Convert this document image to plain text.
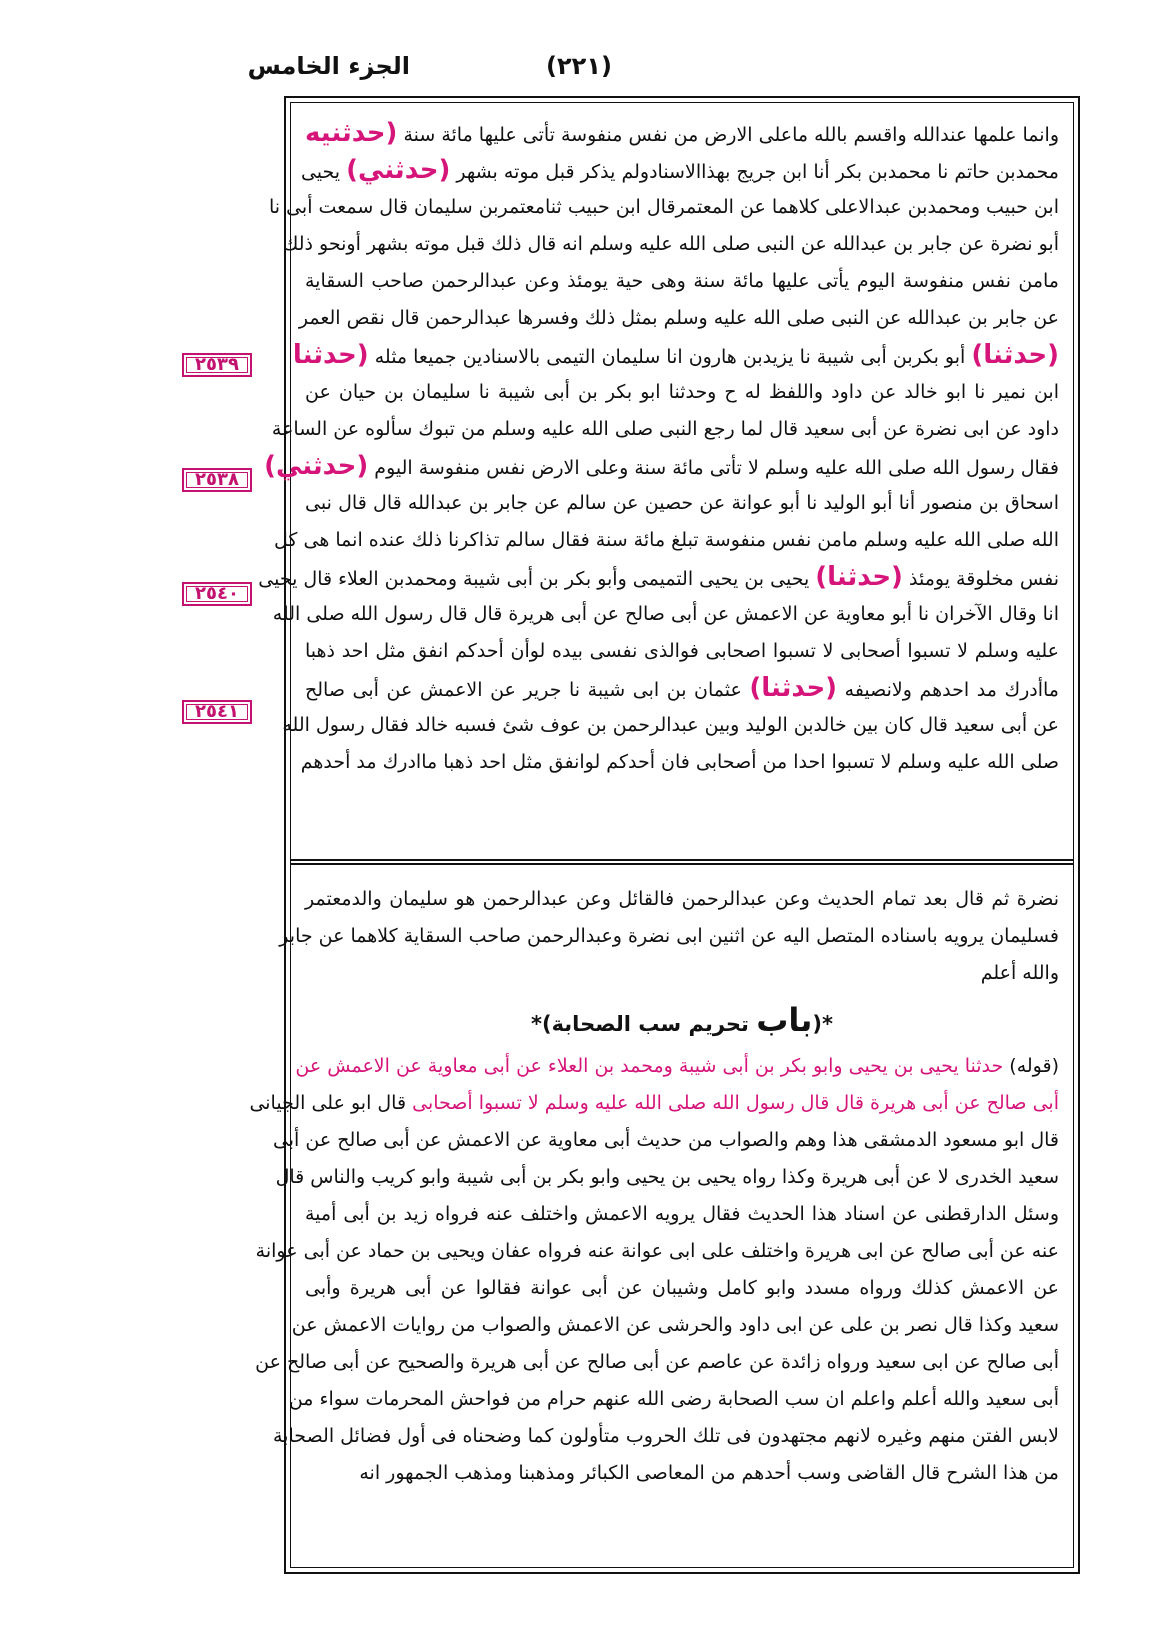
(٢٢١)
الجزء الخامس
٢٥٣٩
٢٥٣٨
٢٥٤٠
٢٥٤١
وانما علمها عندالله واقسم بالله ماعلى الارض من نفس منفوسة تأتى عليها مائة سنة (حدثنيه
محمدبن حاتم نا محمدبن بكر أنا ابن جريج بهذاالاسنادولم يذكر قبل موته بشهر (حدثني) يحيى
ابن حبيب ومحمدبن عبدالاعلى كلاهما عن المعتمرقال ابن حبيب ثنامعتمربن سليمان قال سمعت أبى نا
أبو نضرة عن جابر بن عبدالله عن النبى صلى الله عليه وسلم انه قال ذلك قبل موته بشهر أونحو ذلك
مامن نفس منفوسة اليوم يأتى عليها مائة سنة وهى حية يومئذ وعن عبدالرحمن صاحب السقاية
عن جابر بن عبدالله عن النبى صلى الله عليه وسلم بمثل ذلك وفسرها عبدالرحمن قال نقص العمر
(حدثنا) أبو بكربن أبى شيبة نا يزيدبن هارون انا سليمان التيمى بالاسنادين جميعا مثله (حدثنا
ابن نمير نا ابو خالد عن داود واللفظ له ح وحدثنا ابو بكر بن أبى شيبة نا سليمان بن حيان عن
داود عن ابى نضرة عن أبى سعيد قال لما رجع النبى صلى الله عليه وسلم من تبوك سألوه عن الساعة
فقال رسول الله صلى الله عليه وسلم لا تأتى مائة سنة وعلى الارض نفس منفوسة اليوم (حدثني)
اسحاق بن منصور أنا أبو الوليد نا أبو عوانة عن حصين عن سالم عن جابر بن عبدالله قال قال نبى
الله صلى الله عليه وسلم مامن نفس منفوسة تبلغ مائة سنة فقال سالم تذاكرنا ذلك عنده انما هى كل
نفس مخلوقة يومئذ (حدثنا) يحيى بن يحيى التميمى وأبو بكر بن أبى شيبة ومحمدبن العلاء قال يحيى
انا وقال الآخران نا أبو معاوية عن الاعمش عن أبى صالح عن أبى هريرة قال قال رسول الله صلى الله
عليه وسلم لا تسبوا أصحابى لا تسبوا اصحابى فوالذى نفسى بيده لوأن أحدكم انفق مثل احد ذهبا
ماأدرك مد احدهم ولانصيفه (حدثنا) عثمان بن ابى شيبة نا جرير عن الاعمش عن أبى صالح
عن أبى سعيد قال كان بين خالدبن الوليد وبين عبدالرحمن بن عوف شئ فسبه خالد فقال رسول الله
صلى الله عليه وسلم لا تسبوا احدا من أصحابى فان أحدكم لوانفق مثل احد ذهبا ماادرك مد أحدهم
نضرة ثم قال بعد تمام الحديث وعن عبدالرحمن فالقائل وعن عبدالرحمن هو سليمان والدمعتمر
فسليمان يرويه باسناده المتصل اليه عن اثنين ابى نضرة وعبدالرحمن صاحب السقاية كلاهما عن جابر
والله أعلم
*(باب تحريم سب الصحابة)*
(قوله) حدثنا يحيى بن يحيى وابو بكر بن أبى شيبة ومحمد بن العلاء عن أبى معاوية عن الاعمش عن
أبى صالح عن أبى هريرة قال قال رسول الله صلى الله عليه وسلم لا تسبوا أصحابى قال ابو على الجيانى
قال ابو مسعود الدمشقى هذا وهم والصواب من حديث أبى معاوية عن الاعمش عن أبى صالح عن أبى
سعيد الخدرى لا عن أبى هريرة وكذا رواه يحيى بن يحيى وابو بكر بن أبى شيبة وابو كريب والناس قال
وسئل الدارقطنى عن اسناد هذا الحديث فقال يرويه الاعمش واختلف عنه فرواه زيد بن أبى أمية
عنه عن أبى صالح عن ابى هريرة واختلف على ابى عوانة عنه فرواه عفان ويحيى بن حماد عن أبى عوانة
عن الاعمش كذلك ورواه مسدد وابو كامل وشيبان عن أبى عوانة فقالوا عن أبى هريرة وأبى
سعيد وكذا قال نصر بن على عن ابى داود والحرشى عن الاعمش والصواب من روايات الاعمش عن
أبى صالح عن ابى سعيد ورواه زائدة عن عاصم عن أبى صالح عن أبى هريرة والصحيح عن أبى صالح عن
أبى سعيد والله أعلم واعلم ان سب الصحابة رضى الله عنهم حرام من فواحش المحرمات سواء من
لابس الفتن منهم وغيره لانهم مجتهدون فى تلك الحروب متأولون كما وضحناه فى أول فضائل الصحابة
من هذا الشرح قال القاضى وسب أحدهم من المعاصى الكبائر ومذهبنا ومذهب الجمهور انه
